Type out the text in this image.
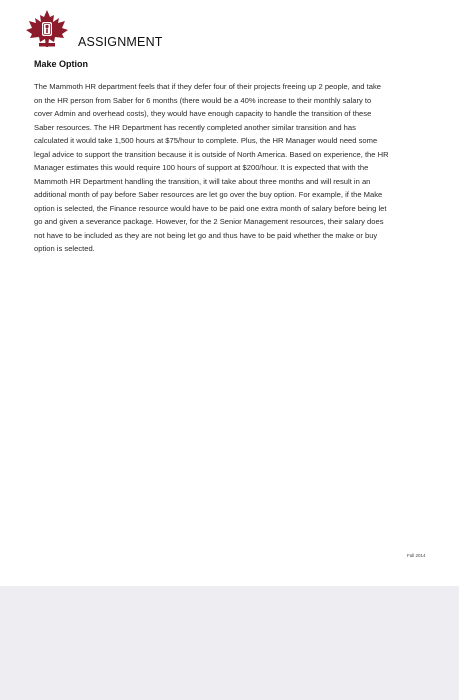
ASSIGNMENT
Make Option

The Mammoth HR department feels that if they defer four of their projects freeing up 2 people, and take on the HR person from Saber for 6 months (there would be a 40% increase to their monthly salary to cover Admin and overhead costs), they would have enough capacity to handle the transition of these Saber resources. The HR Department has recently completed another similar transition and has calculated it would take 1,500 hours at $75/hour to complete. Plus, the HR Manager would need some legal advice to support the transition because it is outside of North America. Based on experience, the HR Manager estimates this would require 100 hours of support at $200/hour. It is expected that with the Mammoth HR Department handling the transition, it will take about three months and will result in an additional month of pay before Saber resources are let go over the buy option. For example, if the Make option is selected, the Finance resource would have to be paid one extra month of salary before being let go and given a severance package. However, for the 2 Senior Management resources, their salary does not have to be included as they are not being let go and thus have to be paid whether the make or buy option is selected.

Fall 2014
